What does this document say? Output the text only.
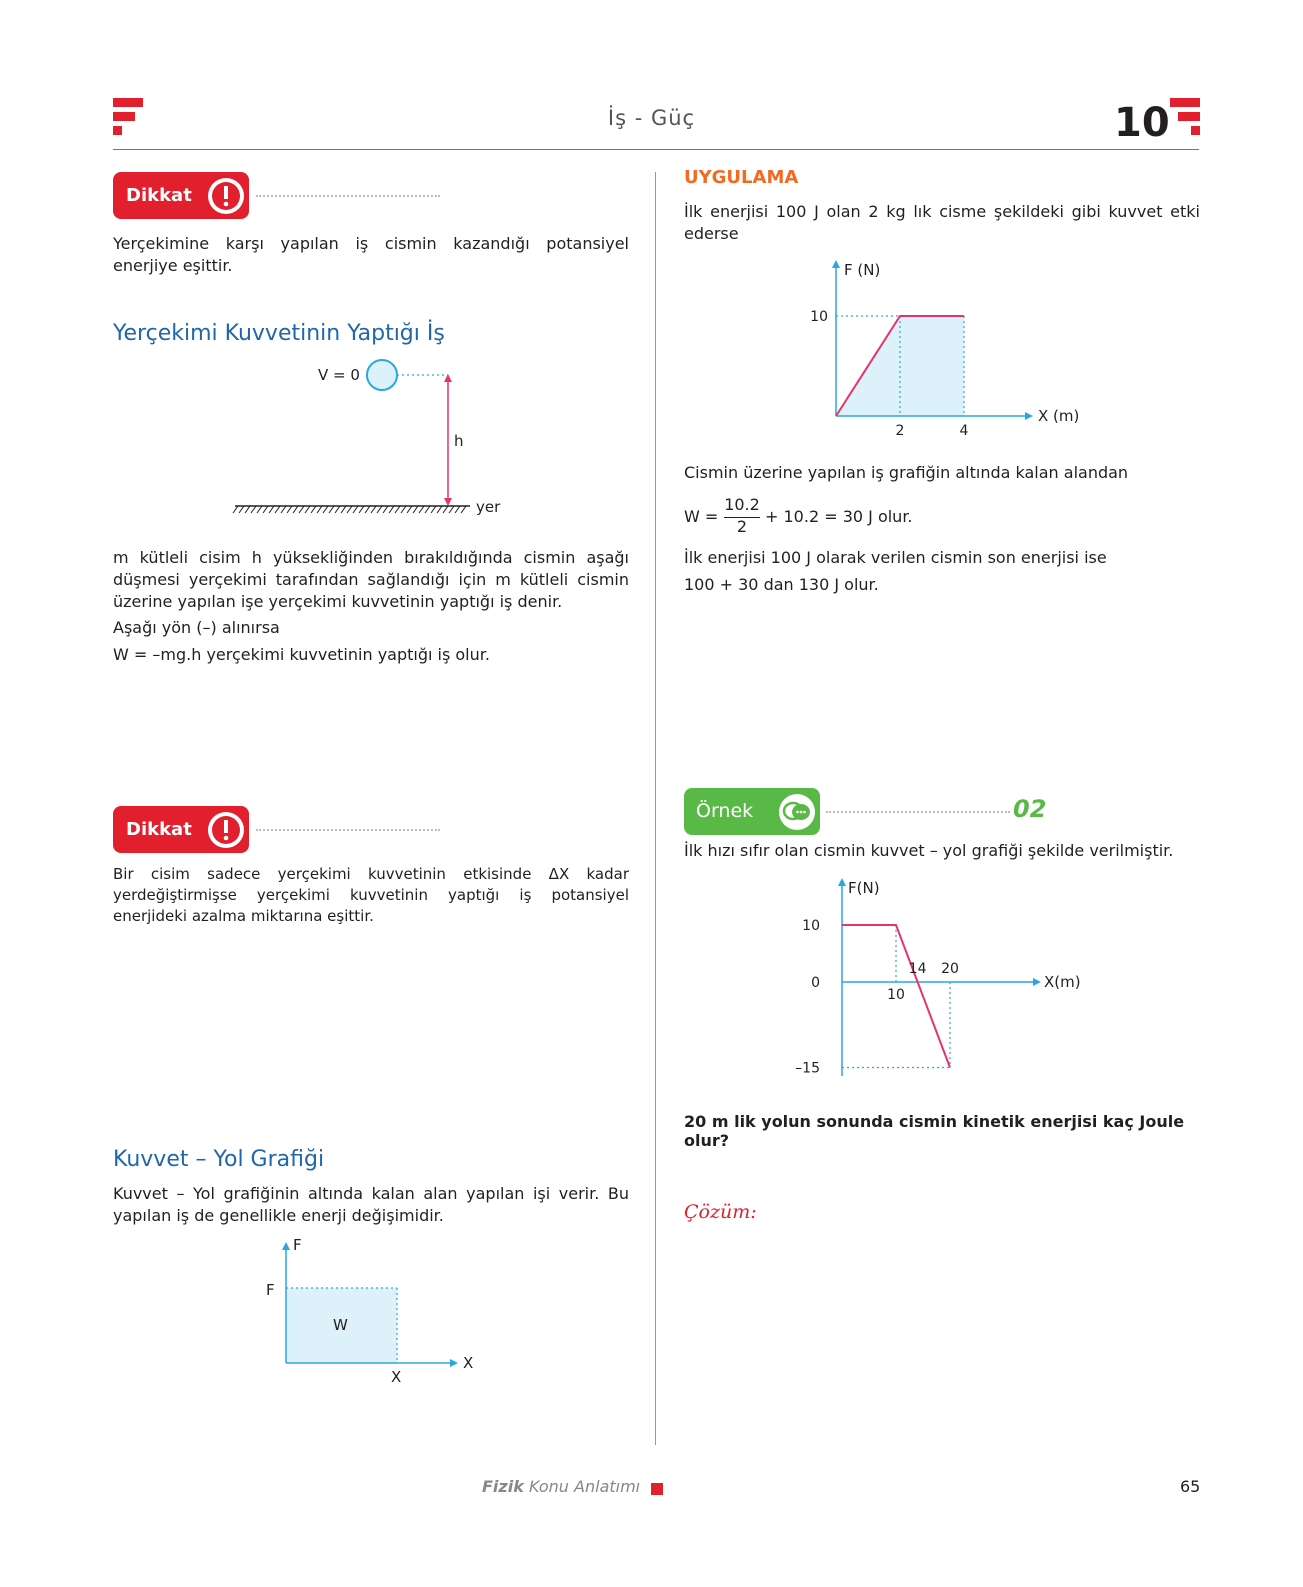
İş - Güç	10
Dikkat
Yerçekimine karşı yapılan iş cismin kazandığı potansiyel enerjiye eşittir.
Yerçekimi Kuvvetinin Yaptığı İş
V = 0
h
yer
m kütleli cisim h yüksekliğinden bırakıldığında cismin aşağı düşmesi yerçekimi tarafından sağlandığı için m kütleli cismin üzerine yapılan işe yerçekimi kuvvetinin yaptığı iş denir.
Aşağı yön (–) alınırsa
W = –mg.h yerçekimi kuvvetinin yaptığı iş olur.
Dikkat
Bir cisim sadece yerçekimi kuvvetinin etkisinde ΔX kadar yerdeğiştirmişse yerçekimi kuvvetinin yaptığı iş potansiyel enerjideki azalma miktarına eşittir.
Kuvvet – Yol Grafiği
Kuvvet – Yol grafiğinin altında kalan alan yapılan işi verir. Bu yapılan iş de genellikle enerji değişimidir.
F
F
W
X
X
UYGULAMA
İlk enerjisi 100 J olan 2 kg lık cisme şekildeki gibi kuvvet etki ederse
2	4
10
F (N)
X (m)
Cismin üzerine yapılan iş grafiğin altında kalan alandan
W =
10.2
2
+ 10.2 = 30 J olur.
İlk enerjisi 100 J olarak verilen cismin son enerjisi ise
100 + 30 dan 130 J olur.
Örnek	02
İlk hızı sıfır olan cismin kuvvet – yol grafiği şekilde verilmiştir.
10
14 20
10
0
–15
F(N)
X(m)
20 m lik yolun sonunda cismin kinetik enerjisi kaç Joule olur?
Çözüm:
Fizik Konu Anlatımı	65
